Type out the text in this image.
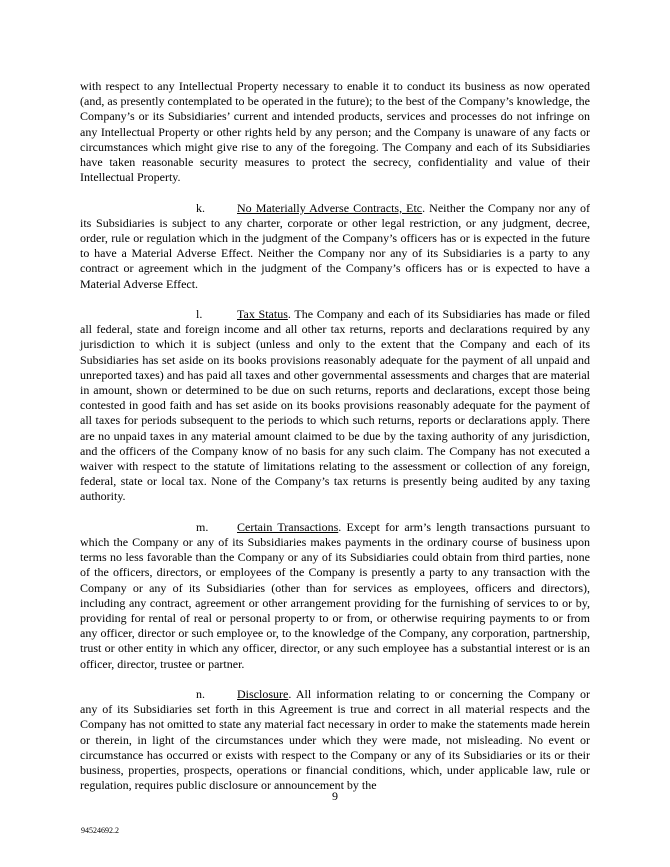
with respect to any Intellectual Property necessary to enable it to conduct its business as now operated (and, as presently contemplated to be operated in the future); to the best of the Company’s knowledge, the Company’s or its Subsidiaries’ current and intended products, services and processes do not infringe on any Intellectual Property or other rights held by any person; and the Company is unaware of any facts or circumstances which might give rise to any of the foregoing. The Company and each of its Subsidiaries have taken reasonable security measures to protect the secrecy, confidentiality and value of their Intellectual Property.

k.	No Materially Adverse Contracts, Etc. Neither the Company nor any of its Subsidiaries is subject to any charter, corporate or other legal restriction, or any judgment, decree, order, rule or regulation which in the judgment of the Company’s officers has or is expected in the future to have a Material Adverse Effect. Neither the Company nor any of its Subsidiaries is a party to any contract or agreement which in the judgment of the Company’s officers has or is expected to have a Material Adverse Effect.

l.	Tax Status. The Company and each of its Subsidiaries has made or filed all federal, state and foreign income and all other tax returns, reports and declarations required by any jurisdiction to which it is subject (unless and only to the extent that the Company and each of its Subsidiaries has set aside on its books provisions reasonably adequate for the payment of all unpaid and unreported taxes) and has paid all taxes and other governmental assessments and charges that are material in amount, shown or determined to be due on such returns, reports and declarations, except those being contested in good faith and has set aside on its books provisions reasonably adequate for the payment of all taxes for periods subsequent to the periods to which such returns, reports or declarations apply. There are no unpaid taxes in any material amount claimed to be due by the taxing authority of any jurisdiction, and the officers of the Company know of no basis for any such claim. The Company has not executed a waiver with respect to the statute of limitations relating to the assessment or collection of any foreign, federal, state or local tax. None of the Company’s tax returns is presently being audited by any taxing authority.

m. Certain Transactions. Except for arm’s length transactions pursuant to which the Company or any of its Subsidiaries makes payments in the ordinary course of business upon terms no less favorable than the Company or any of its Subsidiaries could obtain from third parties, none of the officers, directors, or employees of the Company is presently a party to any transaction with the Company or any of its Subsidiaries (other than for services as employees, officers and directors), including any contract, agreement or other arrangement providing for the furnishing of services to or by, providing for rental of real or personal property to or from, or otherwise requiring payments to or from any officer, director or such employee or, to the knowledge of the Company, any corporation, partnership, trust or other entity in which any officer, director, or any such employee has a substantial interest or is an officer, director, trustee or partner.

n.	Disclosure. All information relating to or concerning the Company or any of its Subsidiaries set forth in this Agreement is true and correct in all material respects and the Company has not omitted to state any material fact necessary in order to make the statements made herein or therein, in light of the circumstances under which they were made, not misleading. No event or circumstance has occurred or exists with respect to the Company or any of its Subsidiaries or its or their business, properties, prospects, operations or financial conditions, which, under applicable law, rule or regulation, requires public disclosure or announcement by the

9
94524692.2
